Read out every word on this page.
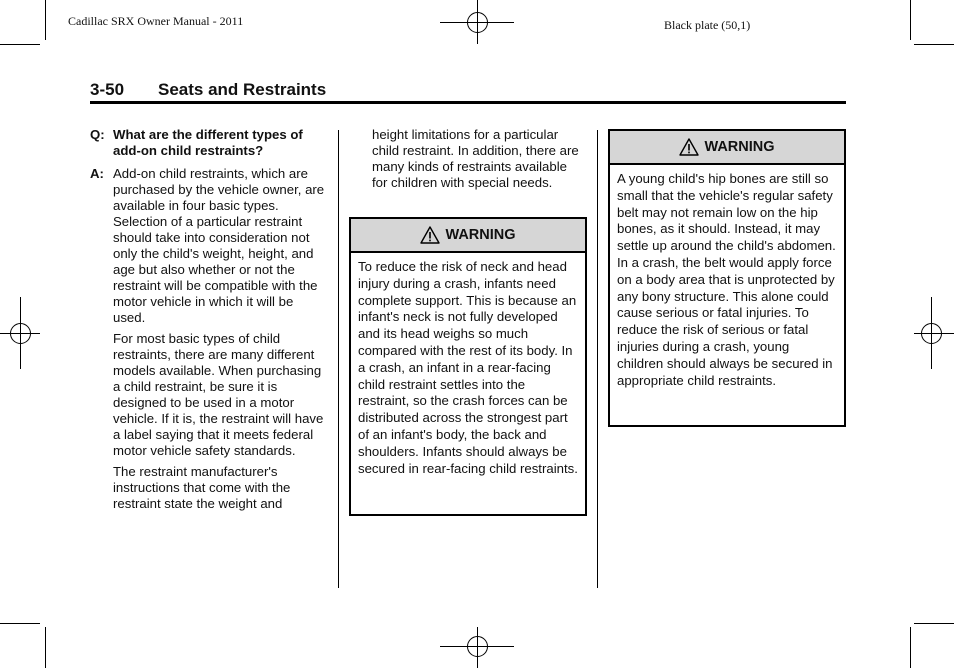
Cadillac SRX Owner Manual - 2011	Black plate (50,1)
3-50 Seats and Restraints
Q: What are the different types of add-on child restraints?
A: Add-on child restraints, which are purchased by the vehicle owner, are available in four basic types. Selection of a particular restraint should take into consideration not only the child's weight, height, and age but also whether or not the restraint will be compatible with the motor vehicle in which it will be used.

For most basic types of child restraints, there are many different models available. When purchasing a child restraint, be sure it is designed to be used in a motor vehicle. If it is, the restraint will have a label saying that it meets federal motor vehicle safety standards.

The restraint manufacturer's instructions that come with the restraint state the weight and

height limitations for a particular child restraint. In addition, there are many kinds of restraints available for children with special needs.

WARNING
To reduce the risk of neck and head injury during a crash, infants need complete support. This is because an infant's neck is not fully developed and its head weighs so much compared with the rest of its body. In a crash, an infant in a rear-facing child restraint settles into the restraint, so the crash forces can be distributed across the strongest part of an infant's body, the back and shoulders. Infants should always be secured in rear-facing child restraints.
WARNING
A young child's hip bones are still so small that the vehicle's regular safety belt may not remain low on the hip bones, as it should. Instead, it may settle up around the child's abdomen. In a crash, the belt would apply force on a body area that is unprotected by any bony structure. This alone could cause serious or fatal injuries. To reduce the risk of serious or fatal injuries during a crash, young children should always be secured in appropriate child restraints.
